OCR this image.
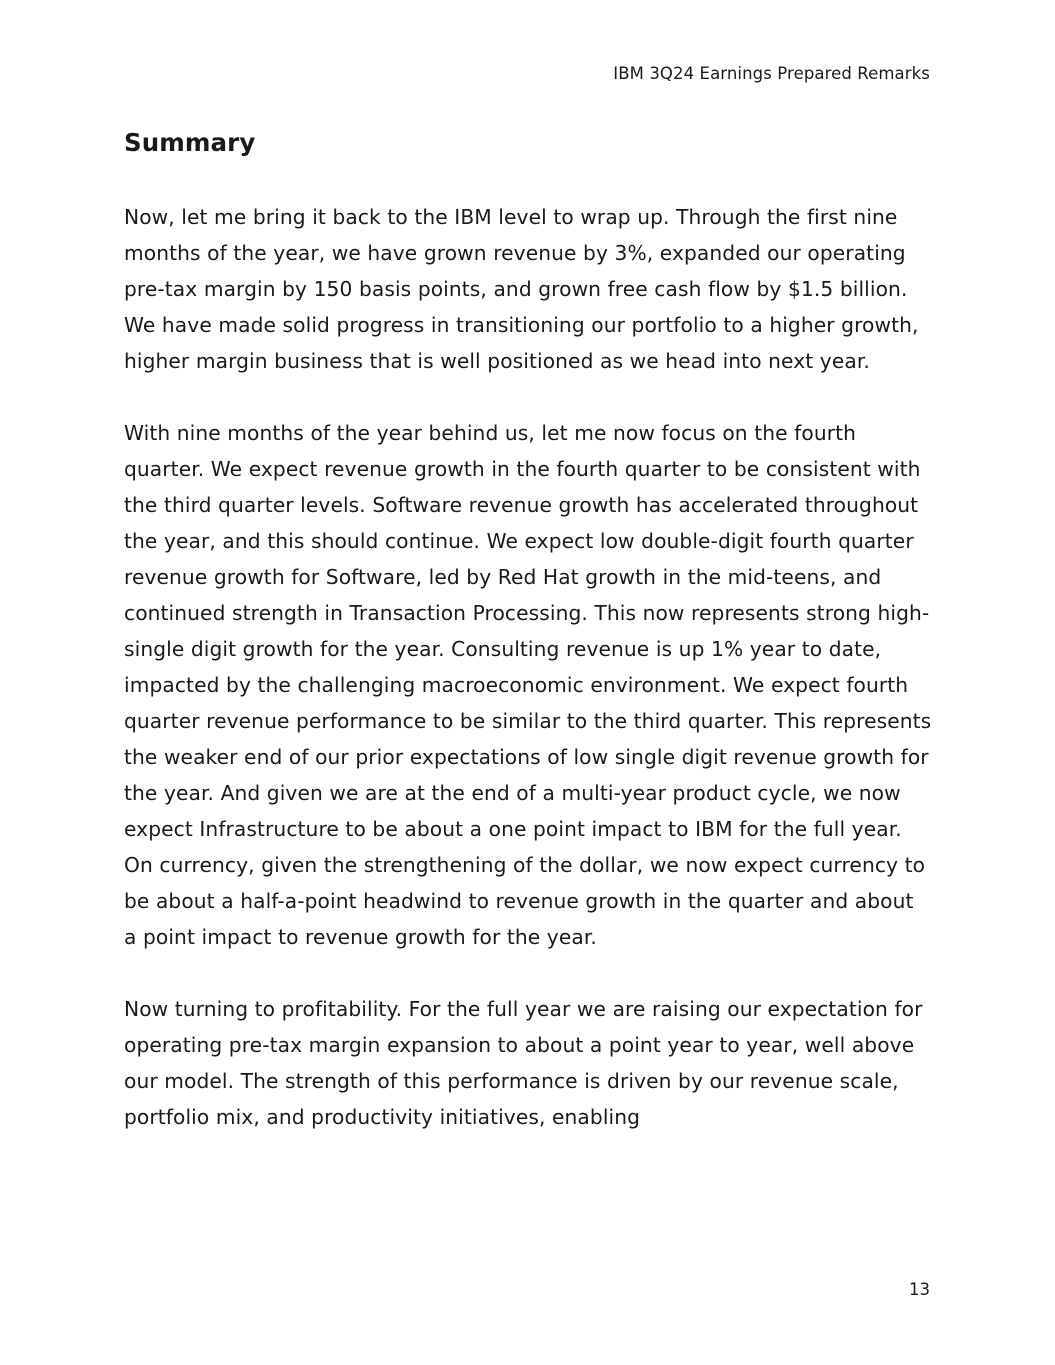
IBM 3Q24 Earnings Prepared Remarks
Summary

Now, let me bring it back to the IBM level to wrap up. Through the first nine months of the year, we have grown revenue by 3%, expanded our operating pre-tax margin by 150 basis points, and grown free cash flow by $1.5 billion. We have made solid progress in transitioning our portfolio to a higher growth, higher margin business that is well positioned as we head into next year.

With nine months of the year behind us, let me now focus on the fourth quarter. We expect revenue growth in the fourth quarter to be consistent with the third quarter levels. Software revenue growth has accelerated throughout the year, and this should continue. We expect low double-digit fourth quarter revenue growth for Software, led by Red Hat growth in the mid-teens, and continued strength in Transaction Processing. This now represents strong high-single digit growth for the year. Consulting revenue is up 1% year to date, impacted by the challenging macroeconomic environment. We expect fourth quarter revenue performance to be similar to the third quarter. This represents the weaker end of our prior expectations of low single digit revenue growth for the year. And given we are at the end of a multi-year product cycle, we now expect Infrastructure to be about a one point impact to IBM for the full year. On currency, given the strengthening of the dollar, we now expect currency to be about a half-a-point headwind to revenue growth in the quarter and about a point impact to revenue growth for the year.

Now turning to profitability. For the full year we are raising our expectation for operating pre-tax margin expansion to about a point year to year, well above our model. The strength of this performance is driven by our revenue scale, portfolio mix, and productivity initiatives, enabling

13
